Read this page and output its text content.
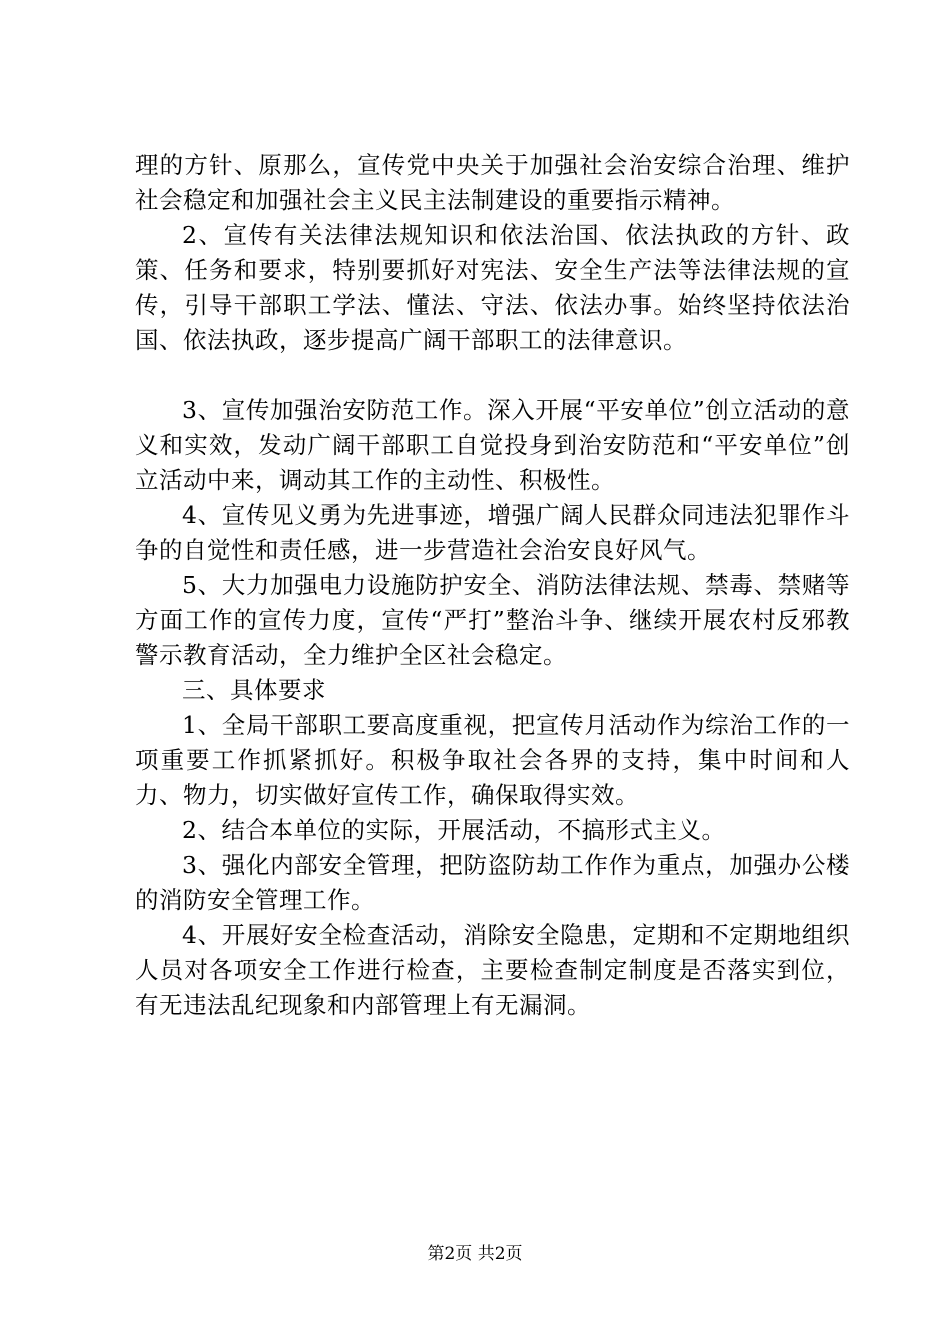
理的方针、原那么，宣传党中央关于加强社会治安综合治理、维护社会稳定和加强社会主义民主法制建设的重要指示精神。

2、宣传有关法律法规知识和依法治国、依法执政的方针、政策、任务和要求，特别要抓好对宪法、安全生产法等法律法规的宣传，引导干部职工学法、懂法、守法、依法办事。始终坚持依法治国、依法执政，逐步提高广阔干部职工的法律意识。

3、宣传加强治安防范工作。深入开展“平安单位”创立活动的意义和实效，发动广阔干部职工自觉投身到治安防范和“平安单位”创立活动中来，调动其工作的主动性、积极性。

4、宣传见义勇为先进事迹，增强广阔人民群众同违法犯罪作斗争的自觉性和责任感，进一步营造社会治安良好风气。

5、大力加强电力设施防护安全、消防法律法规、禁毒、禁赌等方面工作的宣传力度，宣传“严打”整治斗争、继续开展农村反邪教警示教育活动，全力维护全区社会稳定。

三、具体要求

1、全局干部职工要高度重视，把宣传月活动作为综治工作的一项重要工作抓紧抓好。积极争取社会各界的支持，集中时间和人力、物力，切实做好宣传工作，确保取得实效。

2、结合本单位的实际，开展活动，不搞形式主义。

3、强化内部安全管理，把防盗防劫工作作为重点，加强办公楼的消防安全管理工作。

4、开展好安全检查活动，消除安全隐患，定期和不定期地组织人员对各项安全工作进行检查，主要检查制定制度是否落实到位，有无违法乱纪现象和内部管理上有无漏洞。

第2页 共2页
